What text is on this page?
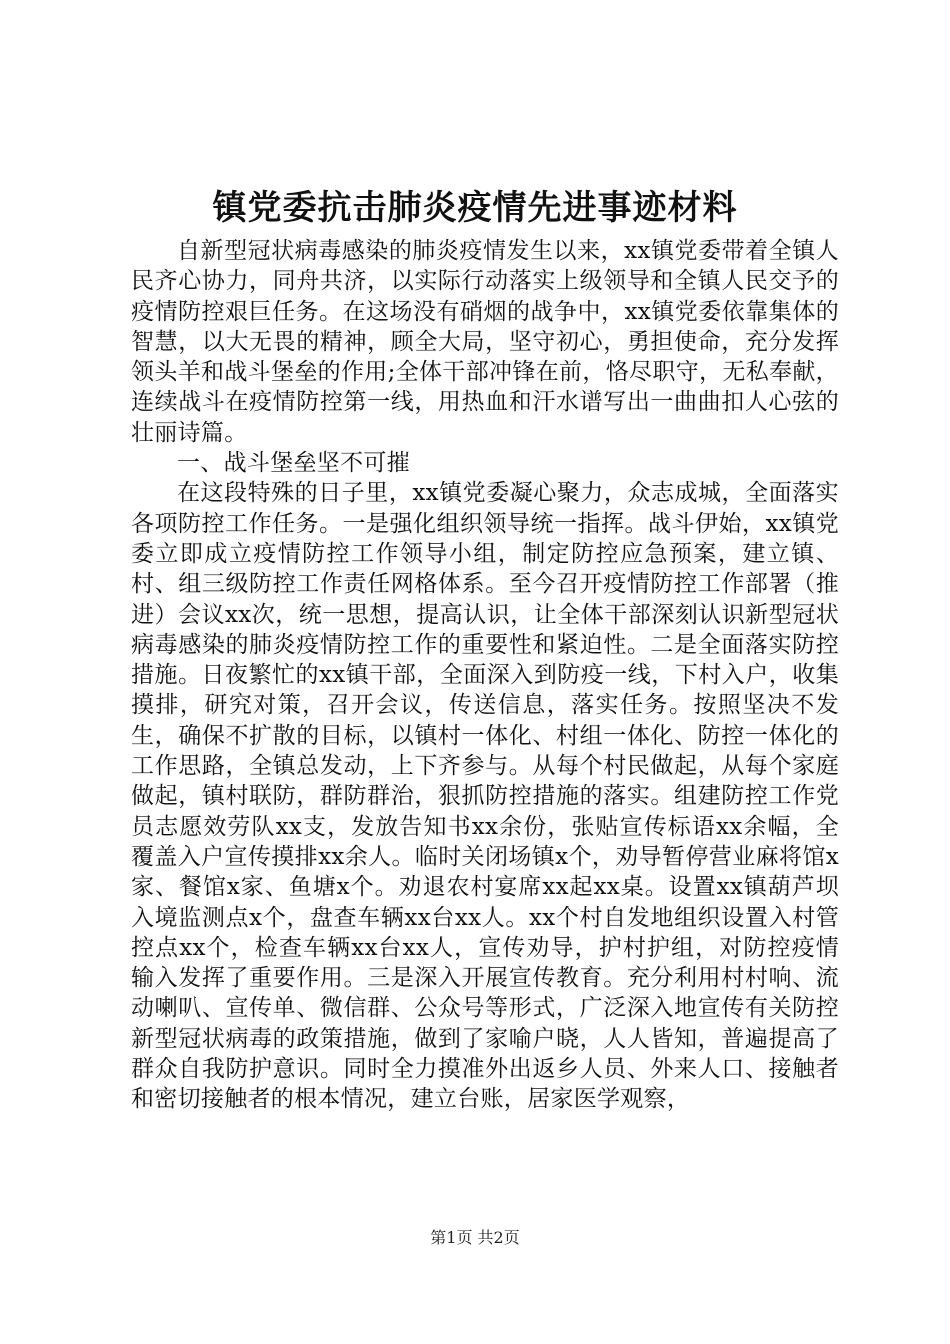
镇党委抗击肺炎疫情先进事迹材料

自新型冠状病毒感染的肺炎疫情发生以来，xx镇党委带着全镇人民齐心协力，同舟共济，以实际行动落实上级领导和全镇人民交予的疫情防控艰巨任务。在这场没有硝烟的战争中，xx镇党委依靠集体的智慧，以大无畏的精神，顾全大局，坚守初心，勇担使命，充分发挥领头羊和战斗堡垒的作用;全体干部冲锋在前，恪尽职守，无私奉献，连续战斗在疫情防控第一线，用热血和汗水谱写出一曲曲扣人心弦的壮丽诗篇。

一、战斗堡垒坚不可摧

在这段特殊的日子里，xx镇党委凝心聚力，众志成城，全面落实各项防控工作任务。一是强化组织领导统一指挥。战斗伊始，xx镇党委立即成立疫情防控工作领导小组，制定防控应急预案，建立镇、村、组三级防控工作责任网格体系。至今召开疫情防控工作部署（推进）会议xx次，统一思想，提高认识，让全体干部深刻认识新型冠状病毒感染的肺炎疫情防控工作的重要性和紧迫性。二是全面落实防控措施。日夜繁忙的xx镇干部，全面深入到防疫一线，下村入户，收集摸排，研究对策，召开会议，传送信息，落实任务。按照坚决不发生，确保不扩散的目标，以镇村一体化、村组一体化、防控一体化的工作思路，全镇总发动，上下齐参与。从每个村民做起，从每个家庭做起，镇村联防，群防群治，狠抓防控措施的落实。组建防控工作党员志愿效劳队xx支，发放告知书xx余份，张贴宣传标语xx余幅，全覆盖入户宣传摸排xx余人。临时关闭场镇x个，劝导暂停营业麻将馆x家、餐馆x家、鱼塘x个。劝退农村宴席xx起xx桌。设置xx镇葫芦坝入境监测点x个，盘查车辆xx台xx人。xx个村自发地组织设置入村管控点xx个，检查车辆xx台xx人，宣传劝导，护村护组，对防控疫情输入发挥了重要作用。三是深入开展宣传教育。充分利用村村响、流动喇叭、宣传单、微信群、公众号等形式，广泛深入地宣传有关防控新型冠状病毒的政策措施，做到了家喻户晓，人人皆知，普遍提高了群众自我防护意识。同时全力摸准外出返乡人员、外来人口、接触者和密切接触者的根本情况，建立台账，居家医学观察，

第1页 共2页
